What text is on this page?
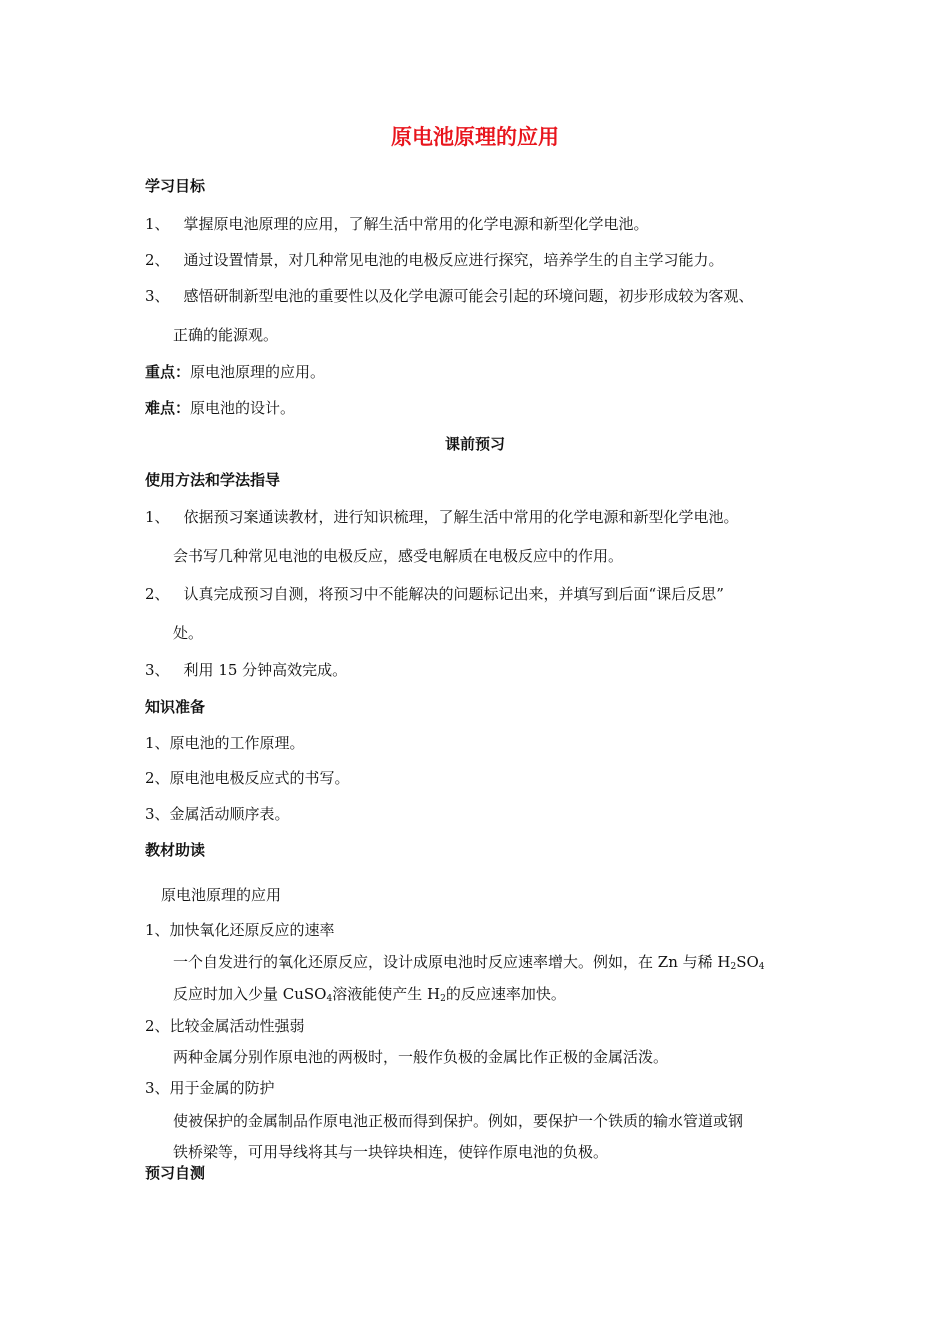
原电池原理的应用
学习目标
1、 掌握原电池原理的应用，了解生活中常用的化学电源和新型化学电池。
2、 通过设置情景，对几种常见电池的电极反应进行探究，培养学生的自主学习能力。
3、 感悟研制新型电池的重要性以及化学电源可能会引起的环境问题，初步形成较为客观、
正确的能源观。
重点：原电池原理的应用。
难点：原电池的设计。
课前预习
使用方法和学法指导
1、 依据预习案通读教材，进行知识梳理，了解生活中常用的化学电源和新型化学电池。
会书写几种常见电池的电极反应，感受电解质在电极反应中的作用。
2、 认真完成预习自测，将预习中不能解决的问题标记出来，并填写到后面“课后反思”
处。
3、 利用 15 分钟高效完成。
知识准备
1、原电池的工作原理。
2、原电池电极反应式的书写。
3、金属活动顺序表。
教材助读
原电池原理的应用
1、加快氧化还原反应的速率
一个自发进行的氧化还原反应，设计成原电池时反应速率增大。例如，在 Zn 与稀 $H_2SO_4$
反应时加入少量 CuSO$_4$溶液能使产生 $H_2$的反应速率加快。
2、比较金属活动性强弱
两种金属分别作原电池的两极时，一般作负极的金属比作正极的金属活泼。
3、用于金属的防护
使被保护的金属制品作原电池正极而得到保护。例如，要保护一个铁质的输水管道或钢
铁桥梁等，可用导线将其与一块锌块相连，使锌作原电池的负极。
预习自测
